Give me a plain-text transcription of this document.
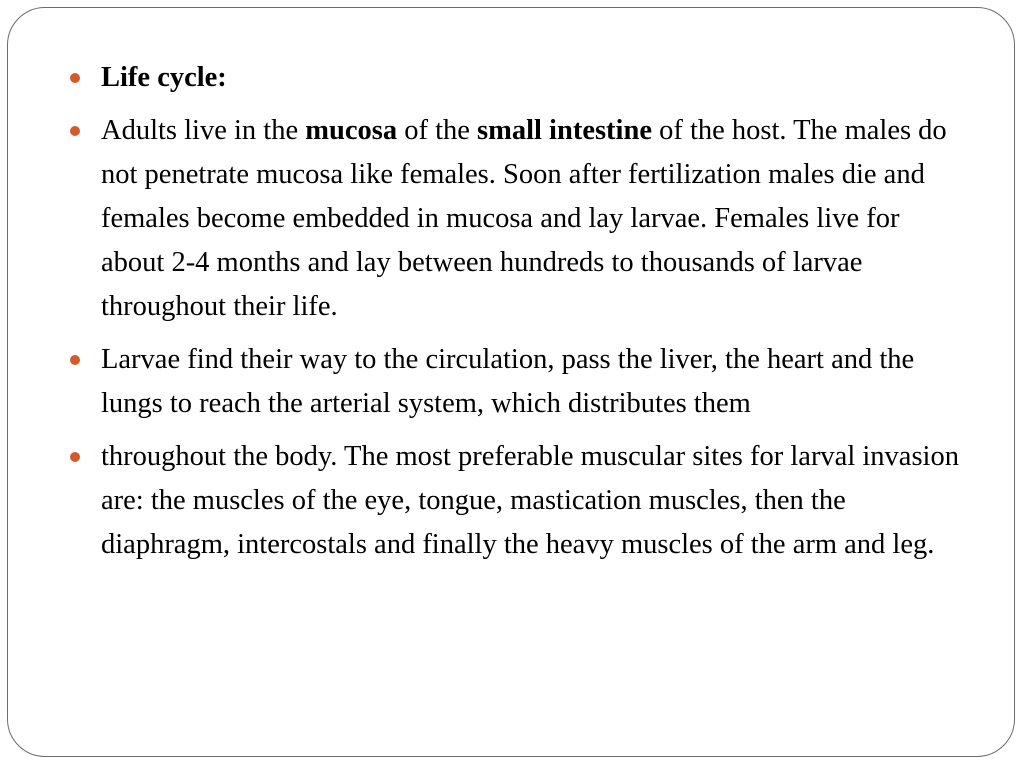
Life cycle:
Adults live in the mucosa of the small intestine of the host. The males do not penetrate mucosa like females. Soon after fertilization males die and females become embedded in mucosa and lay larvae. Females live for about 2-4 months and lay between hundreds to thousands of larvae throughout their life.
Larvae find their way to the circulation, pass the liver, the heart and the lungs to reach the arterial system, which distributes them
throughout the body. The most preferable muscular sites for larval invasion are: the muscles of the eye, tongue, mastication muscles, then the diaphragm, intercostals and finally the heavy muscles of the arm and leg.
